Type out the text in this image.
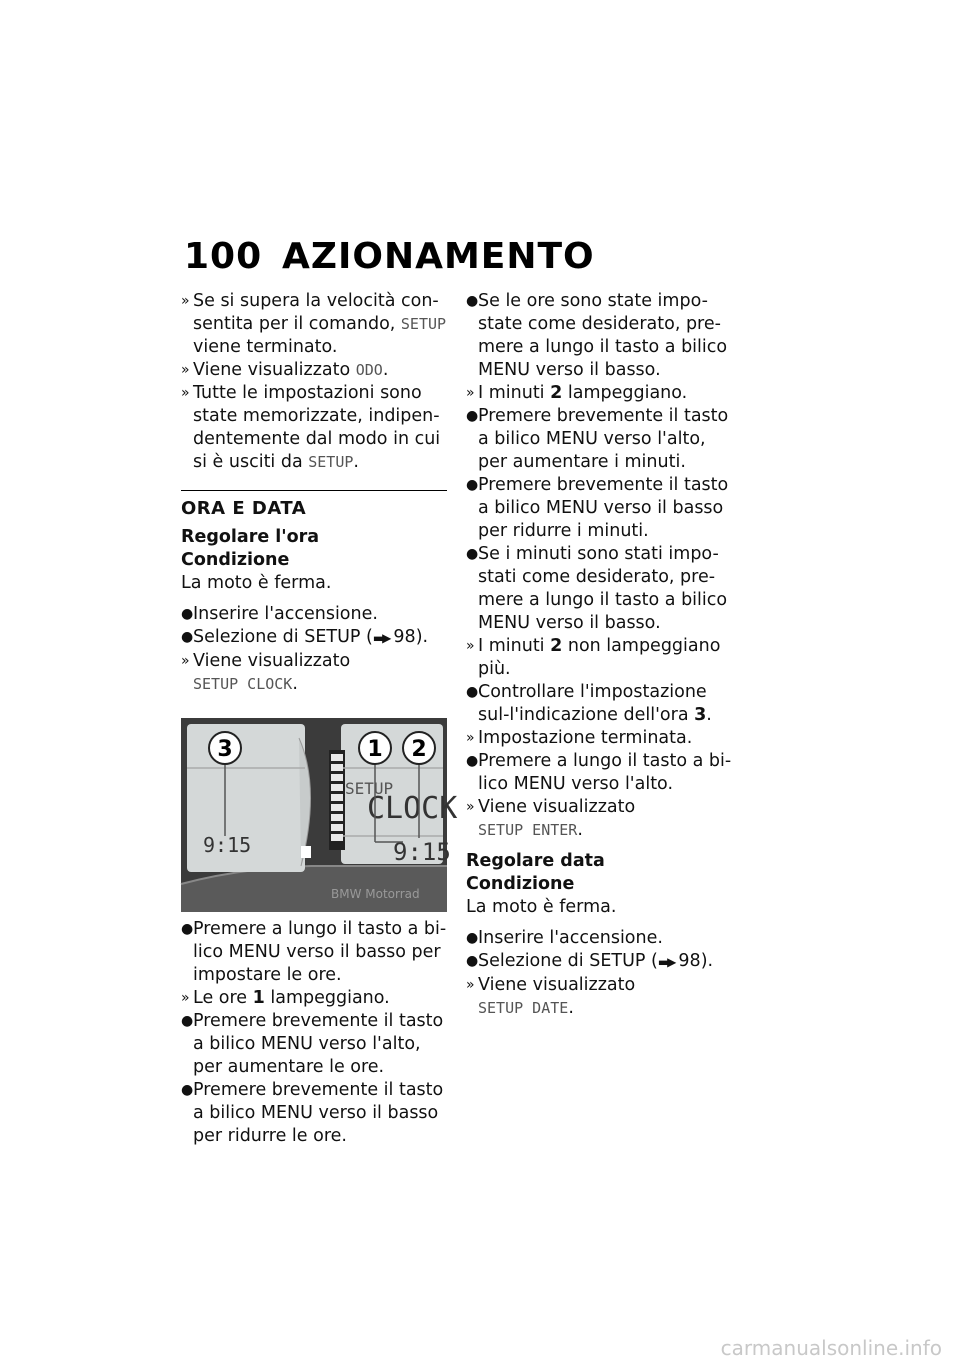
100 AZIONAMENTO
» Se si supera la velocità con-sentita per il comando, SETUP viene terminato.
» Viene visualizzato ODO.
» Tutte le impostazioni sono state memorizzate, indipen-dentemente dal modo in cui si è usciti da SETUP.
ORA E DATA
Regolare l'ora
Condizione
La moto è ferma.
● Inserire l'accensione.
● Selezione di SETUP (▬▶ 98).
» Viene visualizzato
SETUP CLOCK.
SETUP
CLOCK
9:15	9:15
BMW Motorrad
3	1 2
● Premere a lungo il tasto a bi-lico MENU verso il basso per impostare le ore.
» Le ore 1 lampeggiano.
● Premere brevemente il tasto a bilico MENU verso l'alto, per aumentare le ore.
● Premere brevemente il tasto a bilico MENU verso il basso per ridurre le ore.
● Se le ore sono state impo-state come desiderato, pre-mere a lungo il tasto a bilico MENU verso il basso.
» I minuti 2 lampeggiano.
● Premere brevemente il tasto a bilico MENU verso l'alto, per aumentare i minuti.
● Premere brevemente il tasto a bilico MENU verso il basso per ridurre i minuti.
● Se i minuti sono stati impo-stati come desiderato, pre-mere a lungo il tasto a bilico MENU verso il basso.
» I minuti 2 non lampeggiano più.
● Controllare l'impostazione sul-l'indicazione dell'ora 3.
» Impostazione terminata.
● Premere a lungo il tasto a bi-lico MENU verso l'alto.
» Viene visualizzato
SETUP ENTER.
Regolare data
Condizione
La moto è ferma.
● Inserire l'accensione.
● Selezione di SETUP (▬▶ 98).
» Viene visualizzato
SETUP DATE.
carmanualsonline.info
